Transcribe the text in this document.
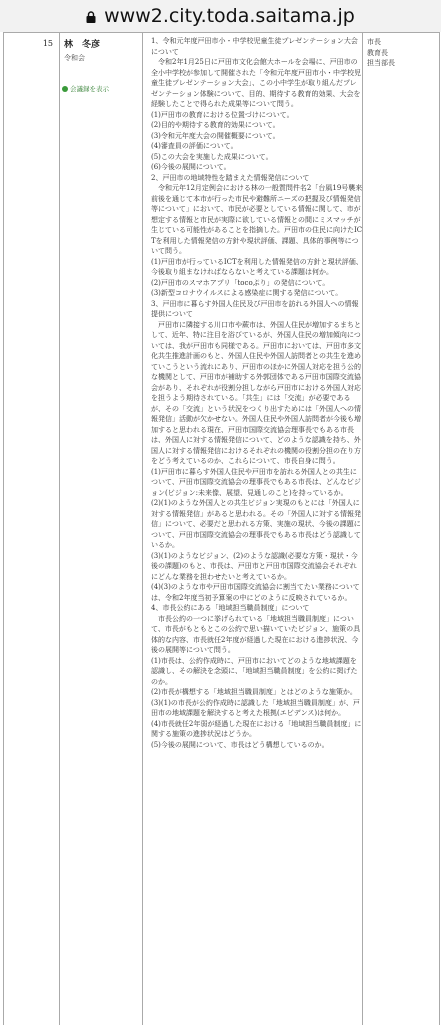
www2.city.toda.saitama.jp
15 林　冬彦
令和会
会議録を表示
1、令和元年度戸田市小・中学校児童生徒プレゼンテーション大会について
　令和2年1月25日に戸田市文化会館大ホールを会場に、戸田市の全小中学校が参加して開催された「令和元年度戸田市小・中学校児童生徒プレゼンテーション大会」、この小中学生が取り組んだプレゼンテーション体験について、目的、期待する教育的効果、大会を経験したことで得られた成果等について問う。
(1)戸田市の教育における位置づけについて。
(2)目的や期待する教育的効果について。
(3)令和元年度大会の開催概要について。
(4)審査員の評価について。
(5)この大会を実施した成果について。
(6)今後の展開について。
2、戸田市の地域特性を踏まえた情報発信について
　令和元年12月定例会における林の一般質問件名2「台風19号襲来前後を通じて本市が行った市民や避難所ニーズの把握及び情報発信等について」において、市民が必要としている情報に関して、市が想定する情報と市民が実際に欲している情報との間にミスマッチが生じている可能性があることを指摘した。戸田市の住民に向けたICTを利用した情報発信の方針や現状評価、課題、具体的事例等について問う。
(1)戸田市が行っているICTを利用した情報発信の方針と現状評価、今後取り組まなければならないと考えている課題は何か。
(2)戸田市のスマホアプリ「tocoぷり」の発信について。
(3)新型コロナウイルスによる感染症に関する発信について。
3、戸田市に暮らす外国人住民及び戸田市を訪れる外国人への情報提供について
　戸田市に隣接する川口市や蕨市は、外国人住民が増加するまちとして、近年、特に注目を浴びているが、外国人住民の増加傾向については、我が戸田市も同様である。戸田市においては、戸田市多文化共生推進計画のもと、外国人住民や外国人訪問者との共生を進めていこうという流れにあり、戸田市のほかに外国人対応を担う公的な機関として、戸田市が補助する外郭団体である戸田市国際交流協会があり、それぞれが役割分担しながら戸田市における外国人対応を担うよう期待されている。「共生」には「交流」が必要であるが、その「交流」という状況をつくり出すためには「外国人への情報発信」活動が欠かせない。外国人住民や外国人訪問者が今後も増加すると思われる現在、戸田市国際交流協会理事長でもある市長は、外国人に対する情報発信について、どのような認識を持ち、外国人に対する情報発信におけるそれぞれの機関の役割分担の在り方をどう考えているのか、これらについて、市長自身に問う。
(1)戸田市に暮らす外国人住民や戸田市を訪れる外国人との共生について、戸田市国際交流協会の理事長でもある市長は、どんなビジョン(ビジョン:未来像、展望、見通しのこと)を持っているか。
(2)(1)のような外国人との共生ビジョン実現のもとには「外国人に対する情報発信」があると思われる。その「外国人に対する情報発信」について、必要だと思われる方策、実施の現状、今後の課題について、戸田市国際交流協会の理事長でもある市長はどう認識しているか。
(3)(1)のようなビジョン、(2)のような認識(必要な方策・現状・今後の課題)のもと、市長は、戸田市と戸田市国際交流協会それぞれにどんな業務を担わせたいと考えているか。
(4)(3)のような市や戸田市国際交流協会に割当てたい業務については、令和2年度当初予算案の中にどのように反映されているか。
4、市長公約にある「地域担当職員制度」について
　市長公約の一つに挙げられている「地域担当職員制度」について、市長がもともとこの公約で思い描いていたビジョン、施策の具体的な内容、市長就任2年度が経過した現在における進捗状況、今後の展開等について問う。
(1)市長は、公約作成時に、戸田市においてどのような地域課題を認識し、その解決を念頭に、「地域担当職員制度」を公約に掲げたのか。
(2)市長が構想する「地域担当職員制度」とはどのような施策か。
(3)(1)の市長が公約作成時に認識した「地域担当職員制度」が、戸田市の地域課題を解決すると考えた根拠(エビデンス)は何か。
(4)市長就任2年弱が経過した現在における「地域担当職員制度」に関する施策の進捗状況はどうか。
(5)今後の展開について、市長はどう構想しているのか。
市長
教育長
担当部長
